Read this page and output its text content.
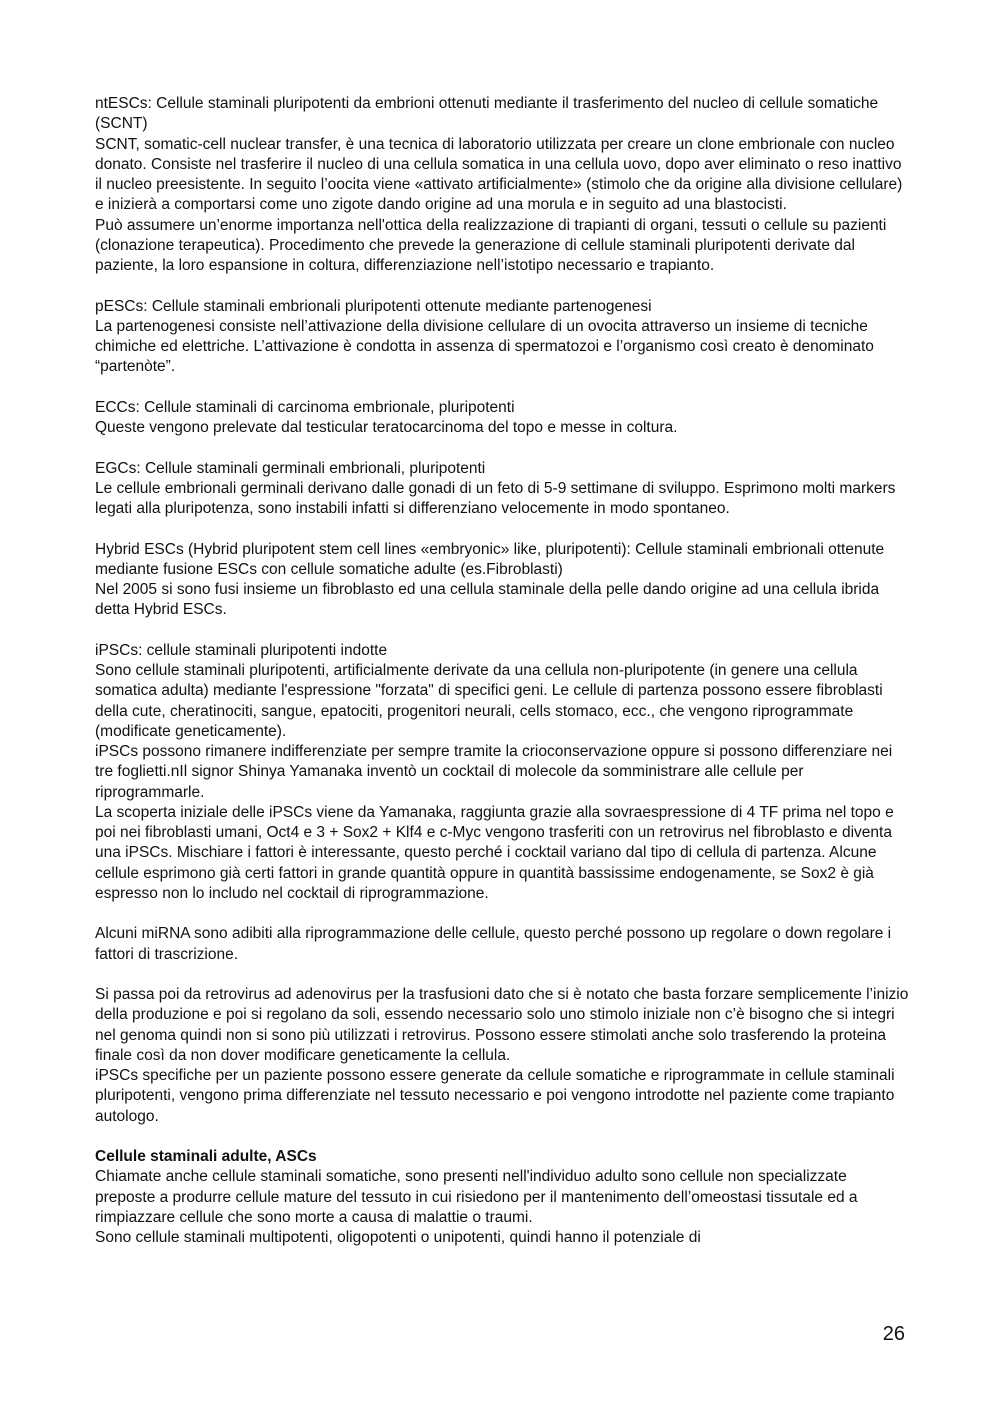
ntESCs: Cellule staminali pluripotenti da embrioni ottenuti mediante il trasferimento del nucleo di cellule somatiche (SCNT)

SCNT, somatic-cell nuclear transfer, è una tecnica di laboratorio utilizzata per creare un clone embrionale con nucleo donato. Consiste nel trasferire il nucleo di una cellula somatica in una cellula uovo, dopo aver eliminato o reso inattivo il nucleo preesistente. In seguito l’oocita viene «attivato artificialmente» (stimolo che da origine alla divisione cellulare) e inizierà a comportarsi come uno zigote dando origine ad una morula e in seguito ad una blastocisti.

Può assumere un’enorme importanza nell'ottica della realizzazione di trapianti di organi, tessuti o cellule su pazienti (clonazione terapeutica). Procedimento che prevede la generazione di cellule staminali pluripotenti derivate dal paziente, la loro espansione in coltura, differenziazione nell’istotipo necessario e trapianto.

pESCs: Cellule staminali embrionali pluripotenti ottenute mediante partenogenesi

La partenogenesi consiste nell’attivazione della divisione cellulare di un ovocita attraverso un insieme di tecniche chimiche ed elettriche. L’attivazione è condotta in assenza di spermatozoi e l’organismo così creato è denominato “partenòte”.

ECCs: Cellule staminali di carcinoma embrionale, pluripotenti

Queste vengono prelevate dal testicular teratocarcinoma del topo e messe in coltura.

EGCs: Cellule staminali germinali embrionali, pluripotenti

Le cellule embrionali germinali derivano dalle gonadi di un feto di 5-9 settimane di sviluppo. Esprimono molti markers legati alla pluripotenza, sono instabili infatti si differenziano velocemente in modo spontaneo.

Hybrid ESCs (Hybrid pluripotent stem cell lines «embryonic» like, pluripotenti): Cellule staminali embrionali ottenute mediante fusione ESCs con cellule somatiche adulte (es.Fibroblasti)

Nel 2005 si sono fusi insieme un fibroblasto ed una cellula staminale della pelle dando origine ad una cellula ibrida detta Hybrid ESCs.

iPSCs: cellule staminali pluripotenti indotte

Sono cellule staminali pluripotenti, artificialmente derivate da una cellula non-pluripotente (in genere una cellula somatica adulta) mediante l'espressione "forzata" di specifici geni. Le cellule di partenza possono essere fibroblasti della cute, cheratinociti, sangue, epatociti, progenitori neurali, cells stomaco, ecc., che vengono riprogrammate (modificate geneticamente).

iPSCs possono rimanere indifferenziate per sempre tramite la crioconservazione oppure si possono differenziare nei tre foglietti.nIl signor Shinya Yamanaka inventò un cocktail di molecole da somministrare alle cellule per riprogrammarle.

La scoperta iniziale delle iPSCs viene da Yamanaka, raggiunta grazie alla sovraespressione di 4 TF prima nel topo e poi nei fibroblasti umani, Oct4 e 3 + Sox2 + Klf4 e c-Myc vengono trasferiti con un retrovirus nel fibroblasto e diventa una iPSCs. Mischiare i fattori è interessante, questo perché i cocktail variano dal tipo di cellula di partenza. Alcune cellule esprimono già certi fattori in grande quantità oppure in quantità bassissime endogenamente, se Sox2 è già espresso non lo includo nel cocktail di riprogrammazione.

Alcuni miRNA sono adibiti alla riprogrammazione delle cellule, questo perché possono up regolare o down regolare i fattori di trascrizione.

Si passa poi da retrovirus ad adenovirus per la trasfusioni dato che si è notato che basta forzare semplicemente l’inizio della produzione e poi si regolano da soli, essendo necessario solo uno stimolo iniziale non c’è bisogno che si integri nel genoma quindi non si sono più utilizzati i retrovirus. Possono essere stimolati anche solo trasferendo la proteina finale così da non dover modificare geneticamente la cellula.

iPSCs specifiche per un paziente possono essere generate da cellule somatiche e riprogrammate in cellule staminali pluripotenti, vengono prima differenziate nel tessuto necessario e poi vengono introdotte nel paziente come trapianto autologo.

Cellule staminali adulte, ASCs

Chiamate anche cellule staminali somatiche, sono presenti nell'individuo adulto sono cellule non specializzate preposte a produrre cellule mature del tessuto in cui risiedono per il mantenimento dell’omeostasi tissutale ed a rimpiazzare cellule che sono morte a causa di malattie o traumi.

Sono cellule staminali multipotenti, oligopotenti o unipotenti, quindi hanno il potenziale di

26
